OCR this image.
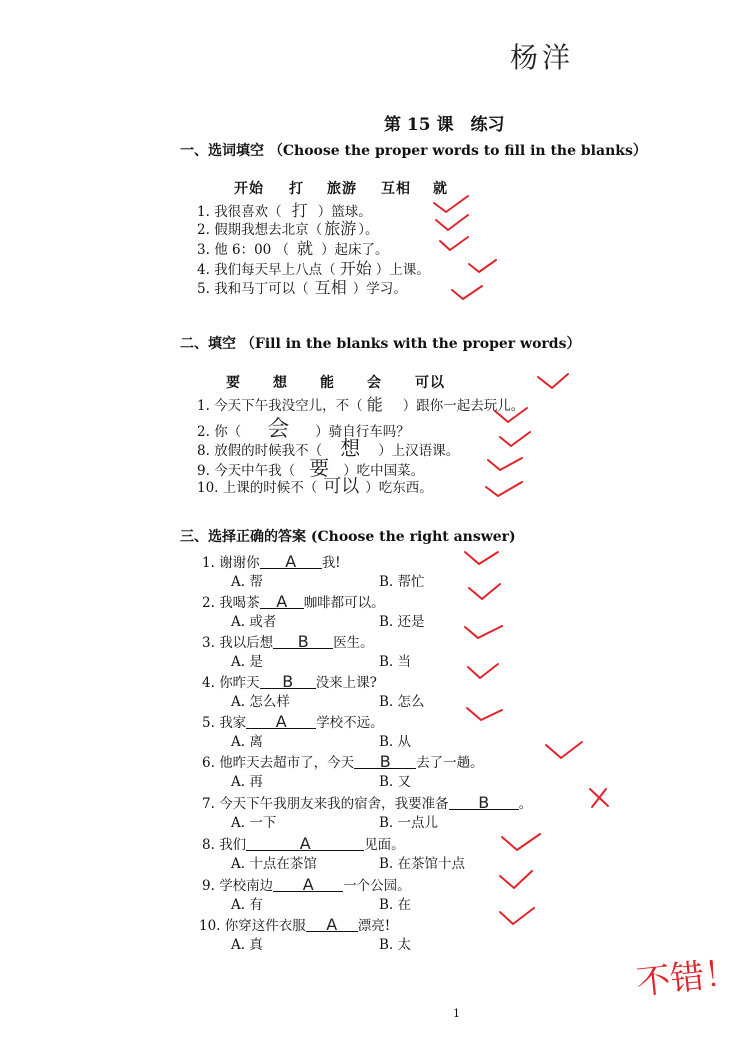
杨洋
第 15 课　练习
一、选词填空 （Choose the proper words to fill in the blanks）
开始 打 旅游 互相 就
1. 我很喜欢（ 打 ）篮球。
2. 假期我想去北京（ 旅游 ）。
3. 他 6：00 （ 就 ）起床了。
4. 我们每天早上八点（ 开始 ）上课。
5. 我和马丁可以（ 互相 ）学习。
二、填空 （Fill in the blanks with the proper words）
要 想 能 会 可以
1. 今天下午我没空儿，不（ 能 ）跟你一起去玩儿。
2. 你（ 会 ）骑自行车吗？
8. 放假的时候我不（ 想 ）上汉语课。
9. 今天中午我（ 要 ）吃中国菜。
10. 上课的时候不（ 可以 ）吃东西。
三、选择正确的答案 (Choose the right answer)
1. 谢谢你 A 我!
A. 帮	B. 帮忙
2. 我喝茶 A 咖啡都可以。
A. 或者	B. 还是
3. 我以后想 B 医生。
A. 是	B. 当
4. 你昨天 B 没来上课?
A. 怎么样	B. 怎么
5. 我家 A 学校不远。
A. 离	B. 从
6. 他昨天去超市了，今天 B 去了一趟。
A. 再	B. 又
7. 今天下午我朋友来我的宿舍，我要准备 B 。
A. 一下	B. 一点儿
8. 我们	A	见面。
A. 十点在茶馆	B. 在茶馆十点
9. 学校南边 A 一个公园。
A. 有	B. 在
10. 你穿这件衣服 A 漂亮!
A. 真	B. 太
1
不错！
